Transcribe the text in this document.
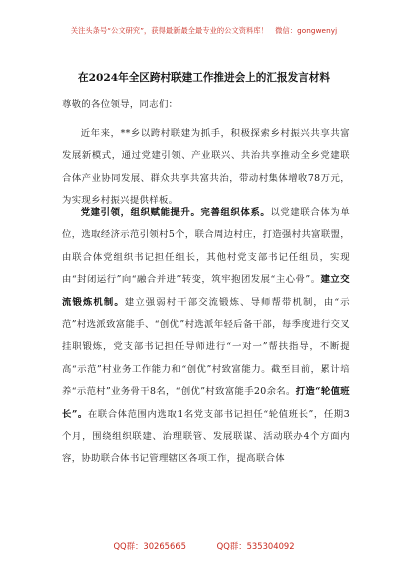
关注头条号“公文研究”，获得最新最全最专业的公文资料库！　微信：gongwenyj
在2024年全区跨村联建工作推进会上的汇报发言材料

尊敬的各位领导，同志们：

近年来，**乡以跨村联建为抓手，积极探索乡村振兴共享共富发展新模式，通过党建引领、产业联兴、共治共享推动全乡党建联合体产业协同发展、群众共享共富共治，带动村集体增收78万元，为实现乡村振兴提供样板。

党建引领，组织赋能提升。完善组织体系。以党建联合体为单位，选取经济示范引领村5个，联合周边村庄，打造强村共富联盟，由联合体党组织书记担任组长，其他村党支部书记任组员，实现由“封闭运行”向“融合并进”转变，筑牢抱团发展“主心骨”。建立交流锻炼机制。建立强弱村干部交流锻炼、导师帮带机制，由“示范”村选派致富能手、“创优”村选派年轻后备干部，每季度进行交叉挂职锻炼，党支部书记担任导师进行“一对一”帮扶指导，不断提高“示范”村业务工作能力和“创优”村致富能力。截至目前，累计培养“示范村”业务骨干8名，“创优”村致富能手20余名。打造“轮值班长”。在联合体范围内选取1名党支部书记担任“轮值班长”，任期3个月，围绕组织联建、治理联管、发展联谋、活动联办4个方面内容，协助联合体书记管理辖区各项工作，提高联合体

QQ群：30265665	QQ群：535304092
